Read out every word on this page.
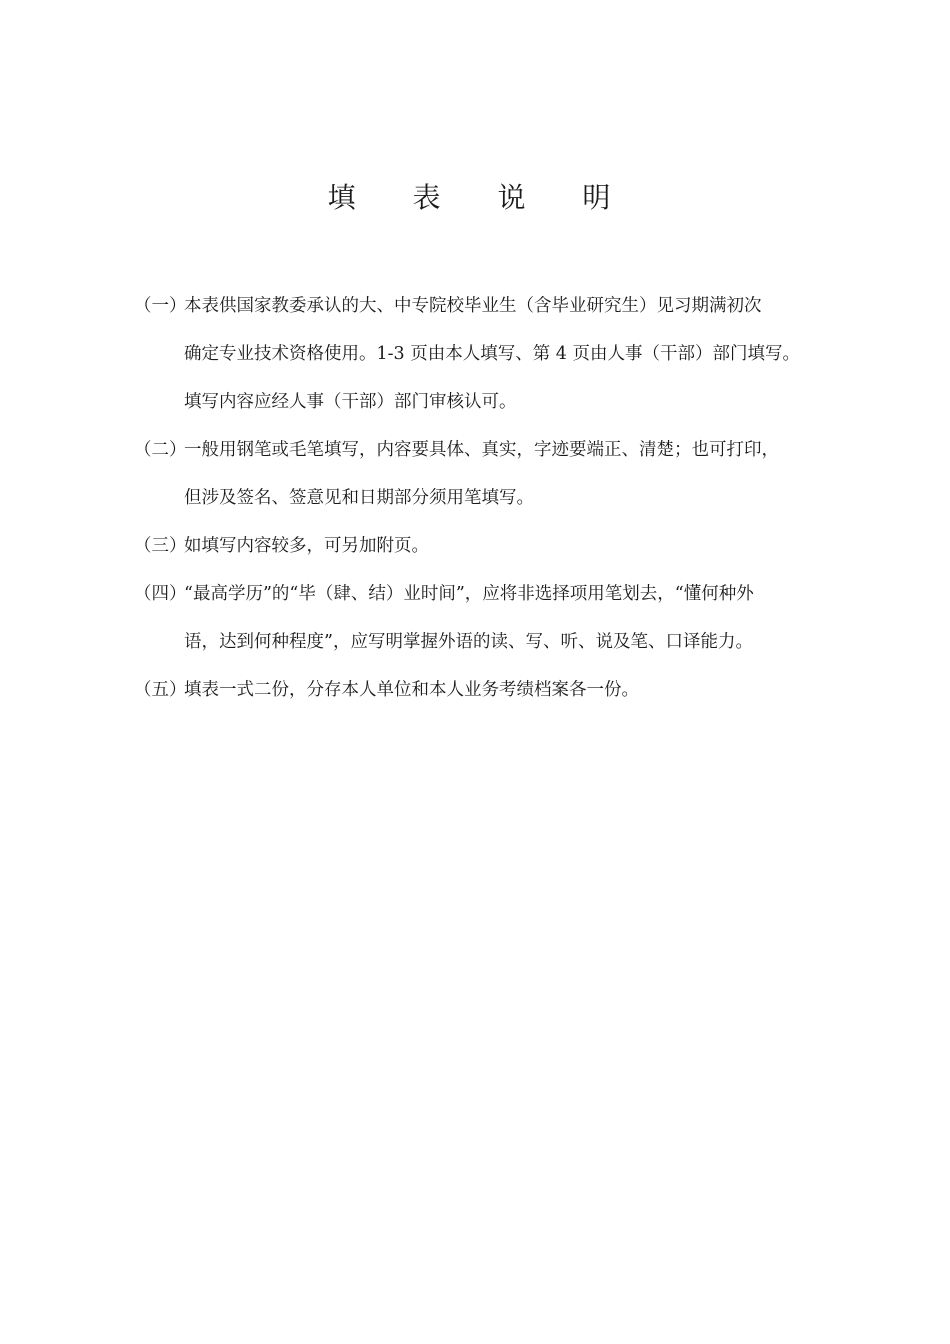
填 表 说 明
（一）
本表供国家教委承认的大、中专院校毕业生（含毕业研究生）见习期满初次
确定专业技术资格使用。1-3 页由本人填写、第 4 页由人事（干部）部门填写。
填写内容应经人事（干部）部门审核认可。
（二）
一般用钢笔或毛笔填写，内容要具体、真实，字迹要端正、清楚；也可打印，
但涉及签名、签意见和日期部分须用笔填写。
（三）
如填写内容较多，可另加附页。
（四）
“最高学历”的“毕（肆、结）业时间”，应将非选择项用笔划去，“懂何种外
语，达到何种程度”，应写明掌握外语的读、写、听、说及笔、口译能力。
（五）
填表一式二份，分存本人单位和本人业务考绩档案各一份。
